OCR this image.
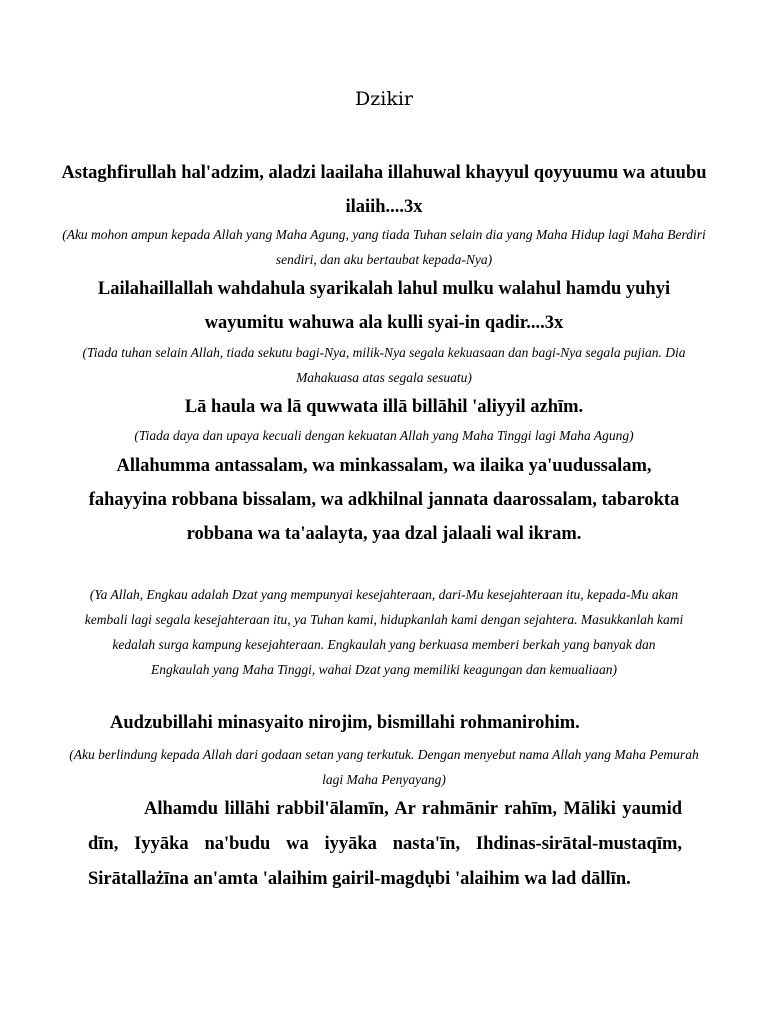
Dzikir

Astaghfirullah hal'adzim, aladzi laailaha illahuwal khayyul qoyyuumu wa atuubu ilaiih....3x

(Aku mohon ampun kepada Allah yang Maha Agung, yang tiada Tuhan selain dia yang Maha Hidup lagi Maha Berdiri sendiri, dan aku bertaubat kepada-Nya)

Lailahaillallah wahdahula syarikalah lahul mulku walahul hamdu yuhyi wayumitu wahuwa ala kulli syai-in qadir....3x

(Tiada tuhan selain Allah, tiada sekutu bagi-Nya, milik-Nya segala kekuasaan dan bagi-Nya segala pujian. Dia Mahakuasa atas segala sesuatu)

Lā haula wa lā quwwata illā billāhil 'aliyyil azhīm.

(Tiada daya dan upaya kecuali dengan kekuatan Allah yang Maha Tinggi lagi Maha Agung)

Allahumma antassalam, wa minkassalam, wa ilaika ya'uudussalam, fahayyina robbana bissalam, wa adkhilnal jannata daarossalam, tabarokta robbana wa ta'aalayta, yaa dzal jalaali wal ikram.

(Ya Allah, Engkau adalah Dzat yang mempunyai kesejahteraan, dari-Mu kesejahteraan itu, kepada-Mu akan kembali lagi segala kesejahteraan itu, ya Tuhan kami, hidupkanlah kami dengan sejahtera. Masukkanlah kami kedalah surga kampung kesejahteraan. Engkaulah yang berkuasa memberi berkah yang banyak dan Engkaulah yang Maha Tinggi, wahai Dzat yang memiliki keagungan dan kemualiaan)

Audzubillahi minasyaito nirojim, bismillahi rohmanirohim.

(Aku berlindung kepada Allah dari godaan setan yang terkutuk. Dengan menyebut nama Allah yang Maha Pemurah lagi Maha Penyayang)

Alhamdu lillāhi rabbil'ālamīn, Ar rahmānir rahīm, Māliki yaumid dīn, Iyyāka na'budu wa iyyāka nasta'īn, Ihdinas-sirātal-mustaqīm, Sirātallażīna an'amta 'alaihim gairil-magdụbi 'alaihim wa lad dāllīn.
